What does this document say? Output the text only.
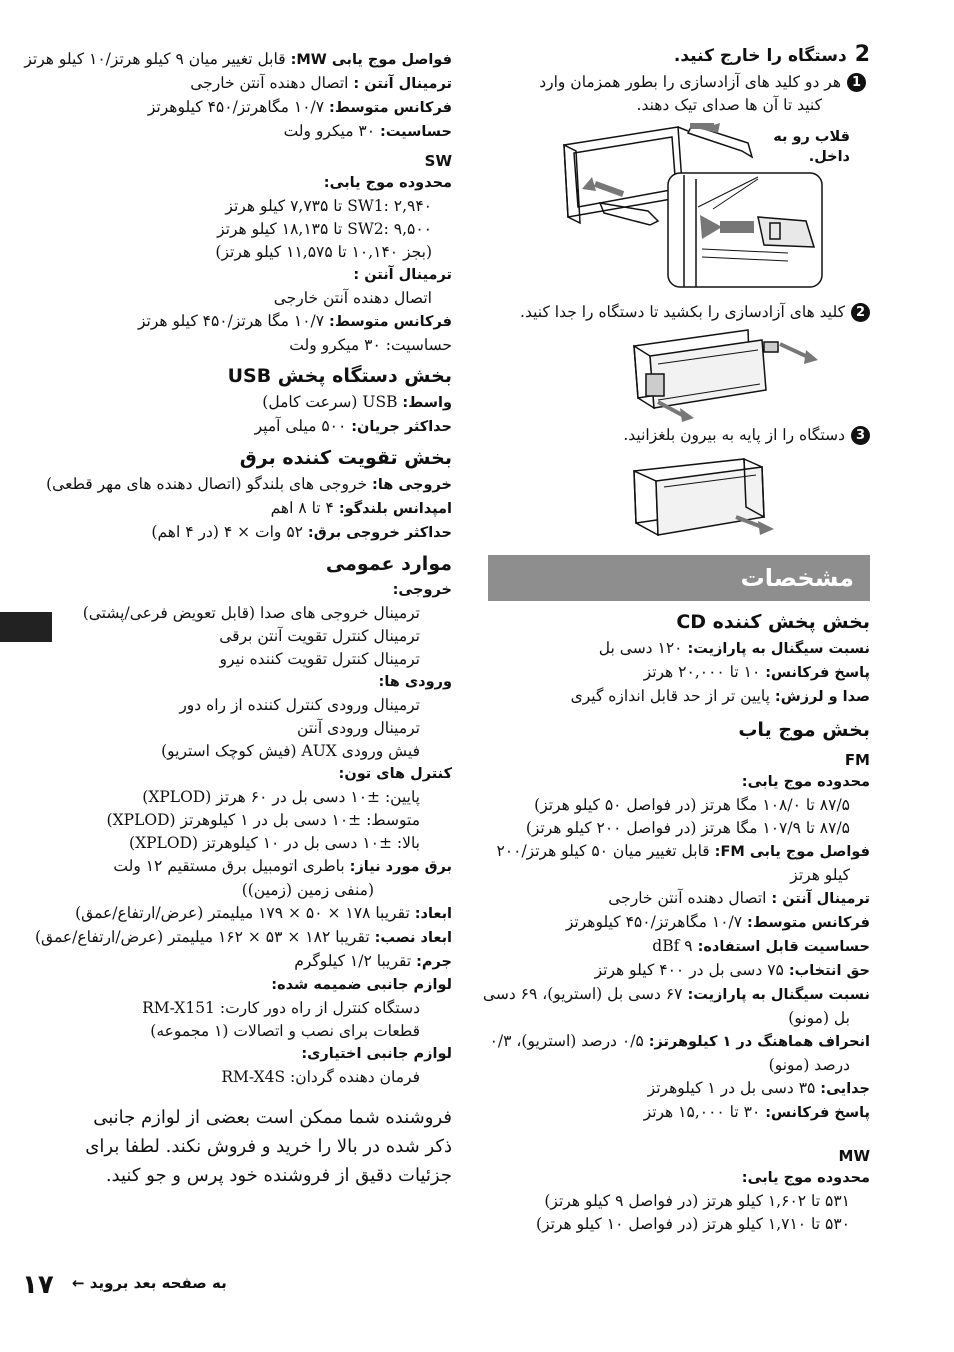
2دستگاه را خارج کنید.
1هر دو کلید های آزادسازی را بطور همزمان وارد
کنید تا آن ها صدای تیک دهند.
قلاب رو به
داخل.
2کلید های آزادسازی را بکشید تا دستگاه را جدا کنید.
3دستگاه را از پایه به بیرون بلغزانید.
مشخصات
بخش پخش کننده CD
نسبت سیگنال به پارازیت: ۱۲۰ دسی بل
پاسخ فرکانس: ۱۰ تا ۲۰,۰۰۰ هرتز
صدا و لرزش: پایین تر از حد قابل اندازه گیری
بخش موج یاب
FM
محدوده موج یابی:
۸۷/۵ تا ۱۰۸/۰ مگا هرتز (در فواصل ۵۰ کیلو هرتز)
۸۷/۵ تا ۱۰۷/۹ مگا هرتز (در فواصل ۲۰۰ کیلو هرتز)
فواصل موج یابی FM: قابل تغییر میان ۵۰ کیلو هرتز/۲۰۰
کیلو هرتز
ترمینال آنتن : اتصال دهنده آنتن خارجی
فرکانس متوسط: ۱۰/۷ مگاهرتز/۴۵۰ کیلوهرتز
حساسیت قابل استفاده: ۹ dBf
حق انتخاب: ۷۵ دسی بل در ۴۰۰ کیلو هرتز
نسبت سیگنال به پارازیت: ۶۷ دسی بل (استریو)، ۶۹ دسی
بل (مونو)
انحراف هماهنگ در ۱ کیلوهرتز: ۰/۵ درصد (استریو)، ۰/۳
درصد (مونو)
جدایی: ۳۵ دسی بل در ۱ کیلوهرتز
پاسخ فرکانس: ۳۰ تا ۱۵,۰۰۰ هرتز
MW
محدوده موج یابی:
۵۳۱ تا ۱,۶۰۲ کیلو هرتز (در فواصل ۹ کیلو هرتز)
۵۳۰ تا ۱,۷۱۰ کیلو هرتز (در فواصل ۱۰ کیلو هرتز)
فواصل موج یابی MW: قابل تغییر میان ۹ کیلو هرتز/۱۰ کیلو هرتز
ترمینال آنتن : اتصال دهنده آنتن خارجی
فرکانس متوسط: ۱۰/۷ مگاهرتز/۴۵۰ کیلوهرتز
حساسیت: ۳۰ میکرو ولت
SW
محدوده موج یابی:
SW1: ۲,۹۴۰ تا ۷,۷۳۵ کیلو هرتز
SW2: ۹,۵۰۰ تا ۱۸,۱۳۵ کیلو هرتز
(بجز ۱۰,۱۴۰ تا ۱۱,۵۷۵ کیلو هرتز)
ترمینال آنتن :
اتصال دهنده آنتن خارجی
فرکانس متوسط: ۱۰/۷ مگا هرتز/۴۵۰ کیلو هرتز
حساسیت: ۳۰ میکرو ولت
بخش دستگاه پخش USB
واسط: USB (سرعت کامل)
حداکثر جریان: ۵۰۰ میلی آمپر
بخش تقویت کننده برق
خروجی ها: خروجی های بلندگو (اتصال دهنده های مهر قطعی)
امپدانس بلندگو: ۴ تا ۸ اهم
حداکثر خروجی برق: ۵۲ وات × ۴ (در ۴ اهم)
موارد عمومی
خروجی:
ترمینال خروجی های صدا (قابل تعویض فرعی/پشتی)
ترمینال کنترل تقویت آنتن برقی
ترمینال کنترل تقویت کننده نیرو
ورودی ها:
ترمینال ورودی کنترل کننده از راه دور
ترمینال ورودی آنتن
فیش ورودی AUX (فیش کوچک استریو)
کنترل های تون:
پایین: ±۱۰ دسی بل در ۶۰ هرتز (XPLOD)
متوسط: ±۱۰ دسی بل در ۱ کیلوهرتز (XPLOD)
بالا: ±۱۰ دسی بل در ۱۰ کیلوهرتز (XPLOD)
برق مورد نیاز: باطری اتومبیل برق مستقیم ۱۲ ولت
(منفی زمین (زمین))
ابعاد: تقریبا ۱۷۸ × ۵۰ × ۱۷۹ میلیمتر (عرض/ارتفاع/عمق)
ابعاد نصب: تقریبا ۱۸۲ × ۵۳ × ۱۶۲ میلیمتر (عرض/ارتفاع/عمق)
جرم: تقریبا ۱/۲ کیلوگرم
لوازم جانبی ضمیمه شده:
دستگاه کنترل از راه دور کارت: RM-X151
قطعات برای نصب و اتصالات (۱ مجموعه)
لوازم جانبی اختیاری:
فرمان دهنده گردان: RM-X4S
فروشنده شما ممکن است بعضی از لوازم جانبی ذکر شده در بالا را خرید و فروش نکند. لطفا برای جزئیات دقیق از فروشنده خود پرس و جو کنید.
۱۷ به صفحه بعد بروید ←
